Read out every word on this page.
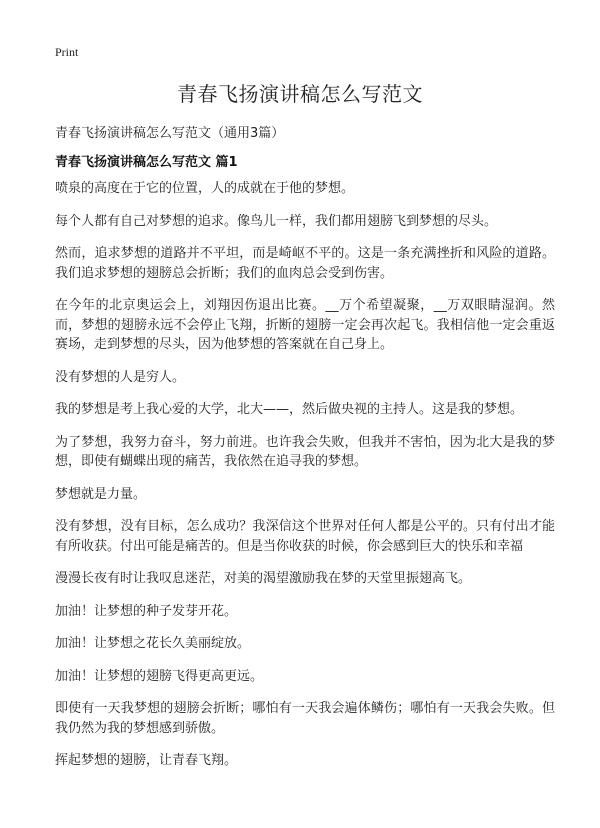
Print
青春飞扬演讲稿怎么写范文
青春飞扬演讲稿怎么写范文（通用3篇）
青春飞扬演讲稿怎么写范文 篇1

喷泉的高度在于它的位置，人的成就在于他的梦想。

每个人都有自己对梦想的追求。像鸟儿一样，我们都用翅膀飞到梦想的尽头。

然而，追求梦想的道路并不平坦，而是崎岖不平的。这是一条充满挫折和风险的道路。我们追求梦想的翅膀总会折断；我们的血肉总会受到伤害。

在今年的北京奥运会上，刘翔因伤退出比赛。__万个希望凝聚，__万双眼睛湿润。然而，梦想的翅膀永远不会停止飞翔，折断的翅膀一定会再次起飞。我相信他一定会重返赛场，走到梦想的尽头，因为他梦想的答案就在自己身上。

没有梦想的人是穷人。

我的梦想是考上我心爱的大学，北大——，然后做央视的主持人。这是我的梦想。

为了梦想，我努力奋斗，努力前进。也许我会失败，但我并不害怕，因为北大是我的梦想，即使有蝴蝶出现的痛苦，我依然在追寻我的梦想。

梦想就是力量。

没有梦想，没有目标，怎么成功？我深信这个世界对任何人都是公平的。只有付出才能有所收获。付出可能是痛苦的。但是当你收获的时候，你会感到巨大的快乐和幸福

漫漫长夜有时让我叹息迷茫，对美的渴望激励我在梦的天堂里振翅高飞。

加油！让梦想的种子发芽开花。

加油！让梦想之花长久美丽绽放。

加油！让梦想的翅膀飞得更高更远。

即使有一天我梦想的翅膀会折断；哪怕有一天我会遍体鳞伤；哪怕有一天我会失败。但我仍然为我的梦想感到骄傲。

挥起梦想的翅膀，让青春飞翔。
